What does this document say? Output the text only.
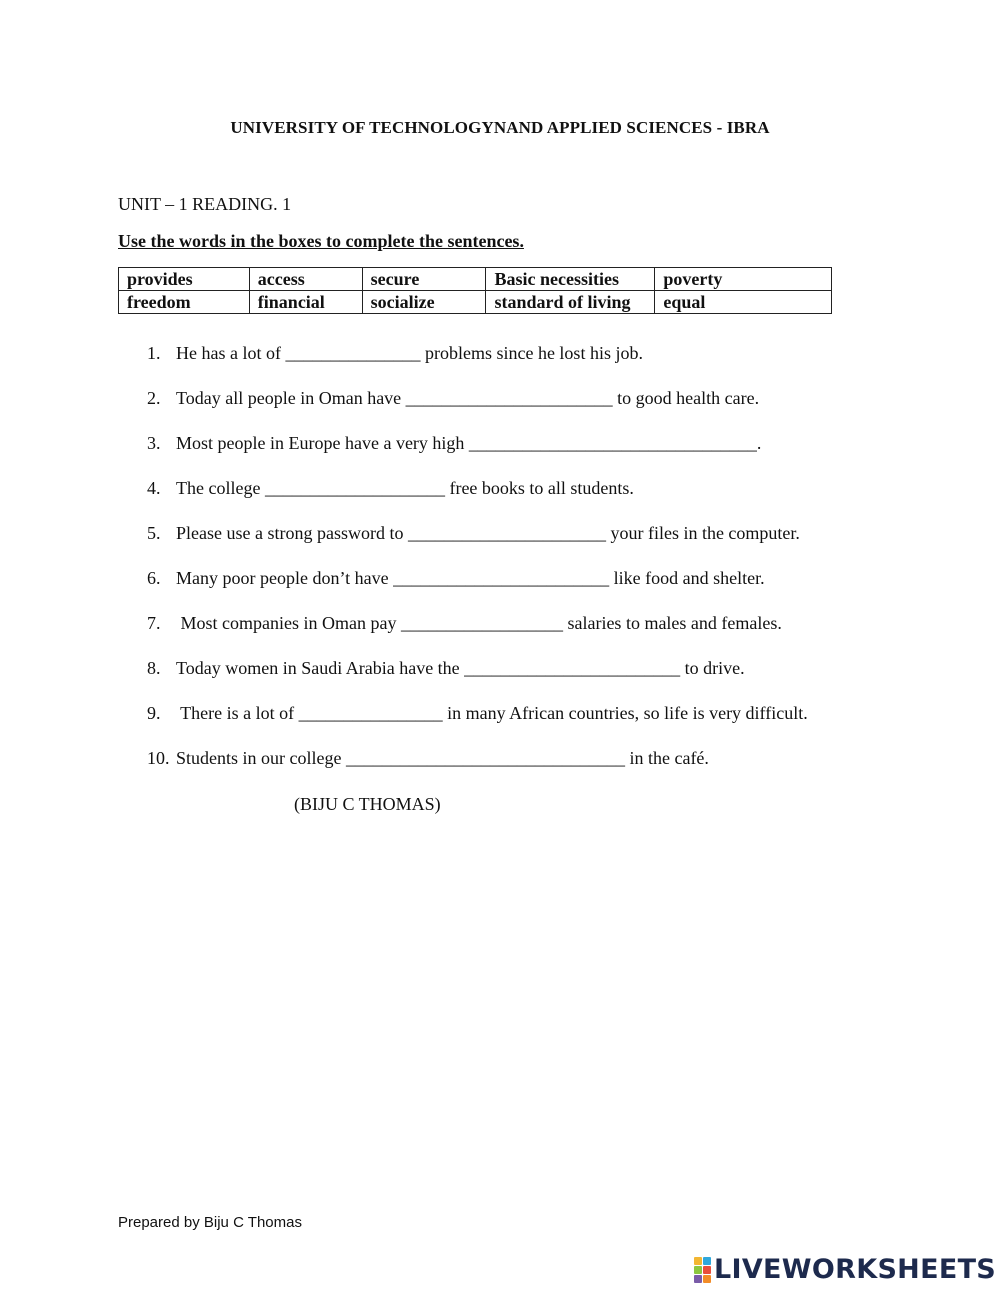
UNIVERSITY OF TECHNOLOGYNAND APPLIED SCIENCES - IBRA
UNIT – 1 READING. 1
Use the words in the boxes to complete the sentences.
provides	access	secure	Basic necessities	poverty
freedom	financial	socialize	standard of living	equal
1. He has a lot of _______________ problems since he lost his job.
2. Today all people in Oman have _______________________ to good health care.
3. Most people in Europe have a very high ________________________________.
4. The college ____________________ free books to all students.
5. Please use a strong password to ______________________ your files in the computer.
6. Many poor people don’t have ________________________ like food and shelter.
7. Most companies in Oman pay __________________ salaries to males and females.
8. Today women in Saudi Arabia have the ________________________ to drive.
9. There is a lot of ________________ in many African countries, so life is very difficult.
10. Students in our college _______________________________ in the café.
(BIJU C THOMAS)
Prepared by Biju C Thomas
LIVEWORKSHEETS
